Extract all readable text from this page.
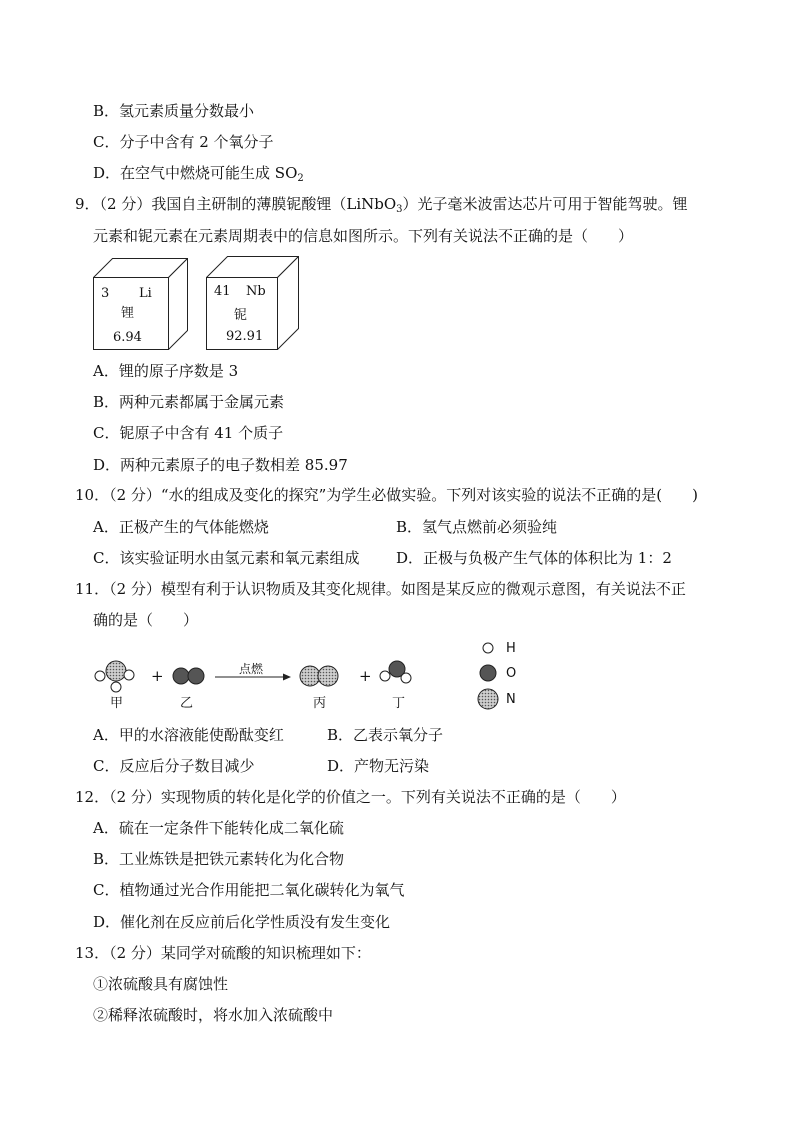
B．氢元素质量分数最小
C．分子中含有 2 个氧分子
D．在空气中燃烧可能生成 $SO_2$
9．（2 分）我国自主研制的薄膜铌酸锂（LiNbO$_3$）光子毫米波雷达芯片可用于智能驾驶。锂
元素和铌元素在元素周期表中的信息如图所示。下列有关说法不正确的是（　　）
3 Li
锂
6.94
41 Nb
铌
92.91
A．锂的原子序数是 3
B．两种元素都属于金属元素
C．铌原子中含有 41 个质子
D．两种元素原子的电子数相差 85.97
10．（2 分）“水的组成及变化的探究”为学生必做实验。下列对该实验的说法不正确的是(　　)
A．正极产生的气体能燃烧	B．氢气点燃前必须验纯
C．该实验证明水由氢元素和氧元素组成 D．正极与负极产生气体的体积比为 1：2
11．（2 分）模型有利于认识物质及其变化规律。如图是某反应的微观示意图，有关说法不正
确的是（　　）
+	+
点燃
甲	乙	丙	丁
H
O
N
A．甲的水溶液能使酚酞变红	B．乙表示氧分子
C．反应后分子数目减少	D．产物无污染
12．（2 分）实现物质的转化是化学的价值之一。下列有关说法不正确的是（　　）
A．硫在一定条件下能转化成二氧化硫
B．工业炼铁是把铁元素转化为化合物
C．植物通过光合作用能把二氧化碳转化为氧气
D．催化剂在反应前后化学性质没有发生变化
13．（2 分）某同学对硫酸的知识梳理如下：
①浓硫酸具有腐蚀性
②稀释浓硫酸时，将水加入浓硫酸中
